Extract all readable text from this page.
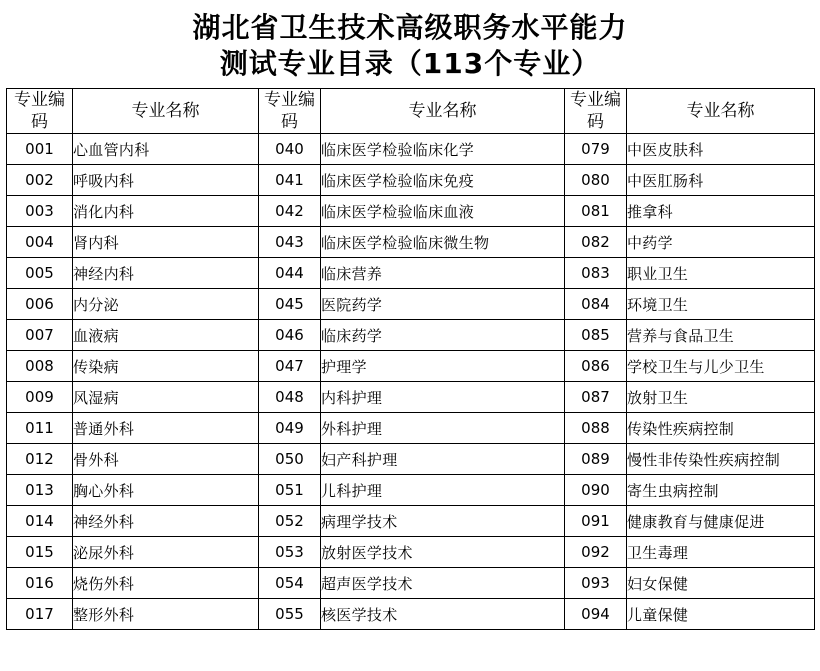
湖北省卫生技术高级职务水平能力
测试专业目录（113个专业）
专业编码	专业名称	专业编码	专业名称	专业编码	专业名称
001	心血管内科	040	临床医学检验临床化学	079	中医皮肤科
002	呼吸内科	041	临床医学检验临床免疫	080	中医肛肠科
003	消化内科	042	临床医学检验临床血液	081	推拿科
004	肾内科	043	临床医学检验临床微生物	082	中药学
005	神经内科	044	临床营养	083	职业卫生
006	内分泌	045	医院药学	084	环境卫生
007	血液病	046	临床药学	085	营养与食品卫生
008	传染病	047	护理学	086	学校卫生与儿少卫生
009	风湿病	048	内科护理	087	放射卫生
011	普通外科	049	外科护理	088	传染性疾病控制
012	骨外科	050	妇产科护理	089	慢性非传染性疾病控制
013	胸心外科	051	儿科护理	090	寄生虫病控制
014	神经外科	052	病理学技术	091	健康教育与健康促进
015	泌尿外科	053	放射医学技术	092	卫生毒理
016	烧伤外科	054	超声医学技术	093	妇女保健
017	整形外科	055	核医学技术	094	儿童保健
